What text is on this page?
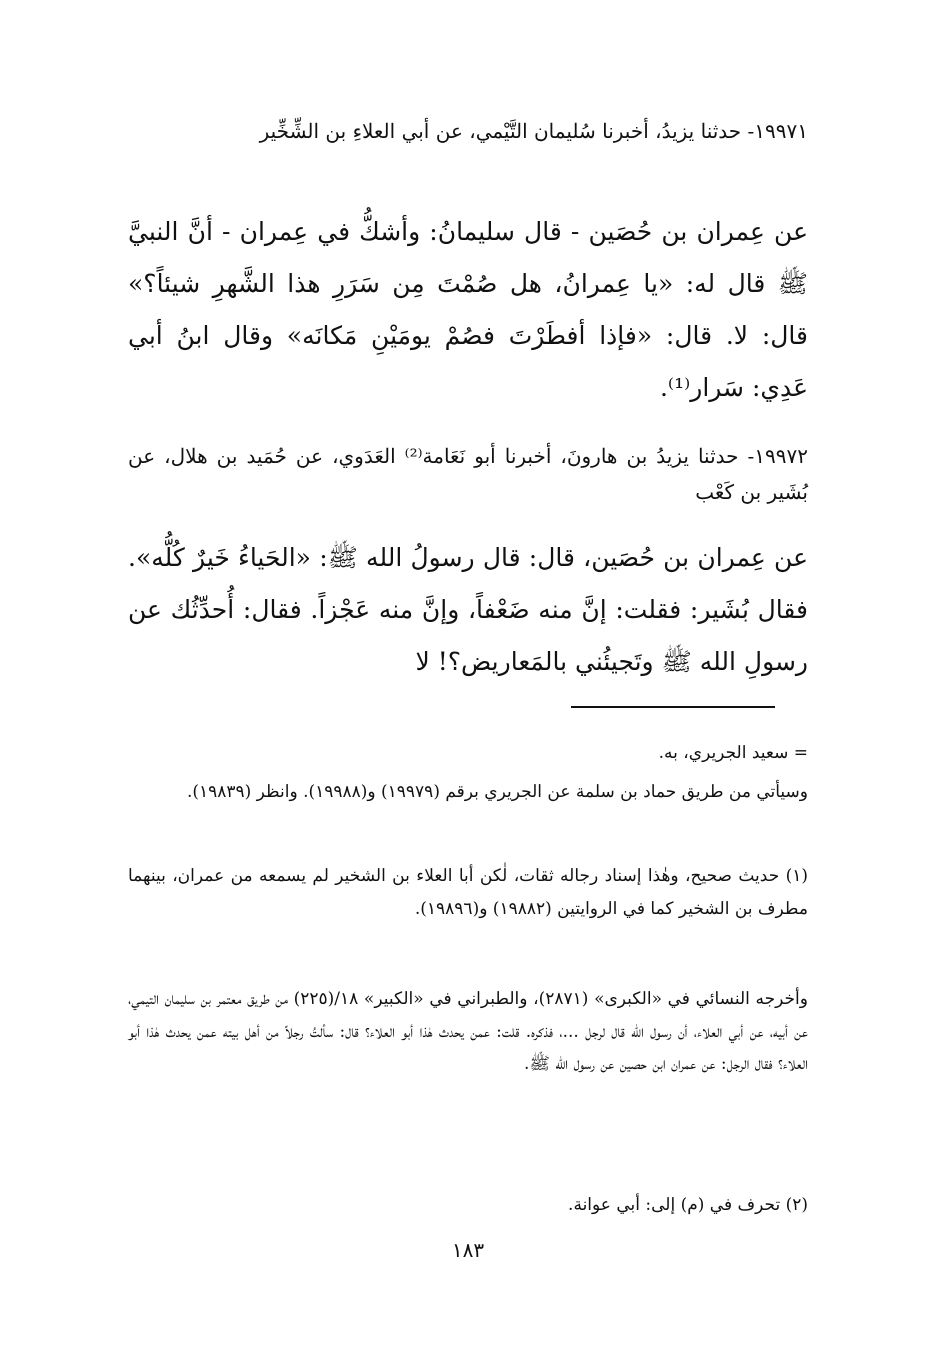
١٩٩٧١- حدثنا يزيدُ، أخبرنا سُليمان التَّيْمي، عن أبي العلاءِ بن الشِّخِّير

عن عِمران بن حُصَين - قال سليمانُ: وأشكُّ في عِمران - أنَّ النبيَّ ﷺ قال له: «يا عِمرانُ، هل صُمْتَ مِن سَرَرِ هذا الشَّهرِ شيئاً؟» قال: لا. قال: «فإذا أفطَرْتَ فصُمْ يومَيْنِ مَكانَه» وقال ابنُ أبي عَدِي: سَرار⁽¹⁾.

١٩٩٧٢- حدثنا يزيدُ بن هارونَ، أخبرنا أبو نَعَامة⁽²⁾ العَدَوي، عن حُمَيد بن هلال، عن بُشَير بن كَعْب

عن عِمران بن حُصَين، قال: قال رسولُ الله ﷺ: «الحَياءُ خَيرٌ كُلُّه». فقال بُشَير: فقلت: إنَّ منه ضَعْفاً، وإنَّ منه عَجْزاً. فقال: أُحدِّثُك عن رسولِ الله ﷺ وتَجيئُني بالمَعاريض؟! لا

= سعيد الجريري، به.

وسيأتي من طريق حماد بن سلمة عن الجريري برقم (١٩٩٧٩) و(١٩٩٨٨). وانظر (١٩٨٣٩).

(١) حديث صحيح، وهٰذا إسناد رجاله ثقات، لٰكن أبا العلاء بن الشخير لم يسمعه من عمران، بينهما مطرف بن الشخير كما في الروايتين (١٩٨٨٢) و(١٩٨٩٦).

وأخرجه النسائي في «الكبرى» (٢٨٧١)، والطبراني في «الكبير» ١٨/(٢٢٥) من طريق معتمر بن سليمان التيمي، عن أبيه، عن أبي العلاء، أن رسول الله قال لرجل ...، فذكره. قلت: عمن يحدث هٰذا أبو العلاء؟ قال: سألتُ رجلاً من أهل بيته عمن يحدث هٰذا أبو العلاء؟ فقال الرجل: عن عمران ابن حصين عن رسول الله ﷺ.

(٢) تحرف في (م) إلى: أبي عوانة.

١٨٣
